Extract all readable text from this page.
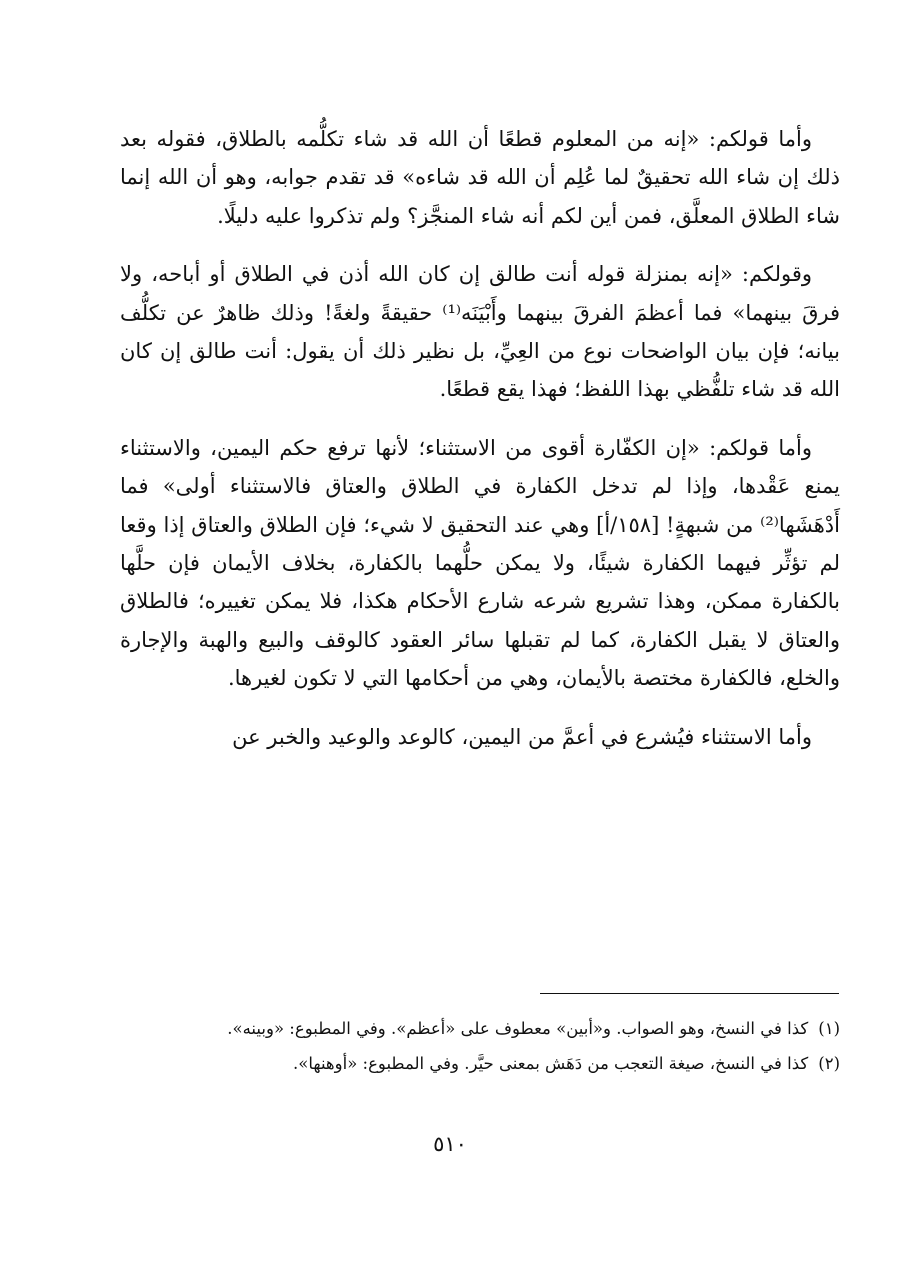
وأما قولكم: «إنه من المعلوم قطعًا أن الله قد شاء تكلُّمه بالطلاق، فقوله بعد ذلك إن شاء الله تحقيقٌ لما عُلِم أن الله قد شاءه» قد تقدم جوابه، وهو أن الله إنما شاء الطلاق المعلَّق، فمن أين لكم أنه شاء المنجَّز؟ ولم تذكروا عليه دليلًا.

وقولكم: «إنه بمنزلة قوله أنت طالق إن كان الله أذن في الطلاق أو أباحه، ولا فرقَ بينهما» فما أعظمَ الفرقَ بينهما وأَبْيَنَه⁽¹⁾ حقيقةً ولغةً! وذلك ظاهرٌ عن تكلُّف بيانه؛ فإن بيان الواضحات نوع من العِيِّ، بل نظير ذلك أن يقول: أنت طالق إن كان الله قد شاء تلفُّظي بهذا اللفظ؛ فهذا يقع قطعًا.

وأما قولكم: «إن الكفّارة أقوى من الاستثناء؛ لأنها ترفع حكم اليمين، والاستثناء يمنع عَقْدها، وإذا لم تدخل الكفارة في الطلاق والعتاق فالاستثناء أولى» فما أَدْهَشَها⁽²⁾ من شبهةٍ! [١٥٨/أ] وهي عند التحقيق لا شيء؛ فإن الطلاق والعتاق إذا وقعا لم تؤثِّر فيهما الكفارة شيئًا، ولا يمكن حلُّهما بالكفارة، بخلاف الأيمان فإن حلَّها بالكفارة ممكن، وهذا تشريع شرعه شارع الأحكام هكذا، فلا يمكن تغييره؛ فالطلاق والعتاق لا يقبل الكفارة، كما لم تقبلها سائر العقود كالوقف والبيع والهبة والإجارة والخلع، فالكفارة مختصة بالأيمان، وهي من أحكامها التي لا تكون لغيرها.

وأما الاستثناء فيُشرع في أعمَّ من اليمين، كالوعد والوعيد والخبر عن

(١)كذا في النسخ، وهو الصواب. و«أبين» معطوف على «أعظم». وفي المطبوع: «وبينه».

(٢)كذا في النسخ، صيغة التعجب من دَهَش بمعنى حيَّر. وفي المطبوع: «أوهنها».

٥١٠
